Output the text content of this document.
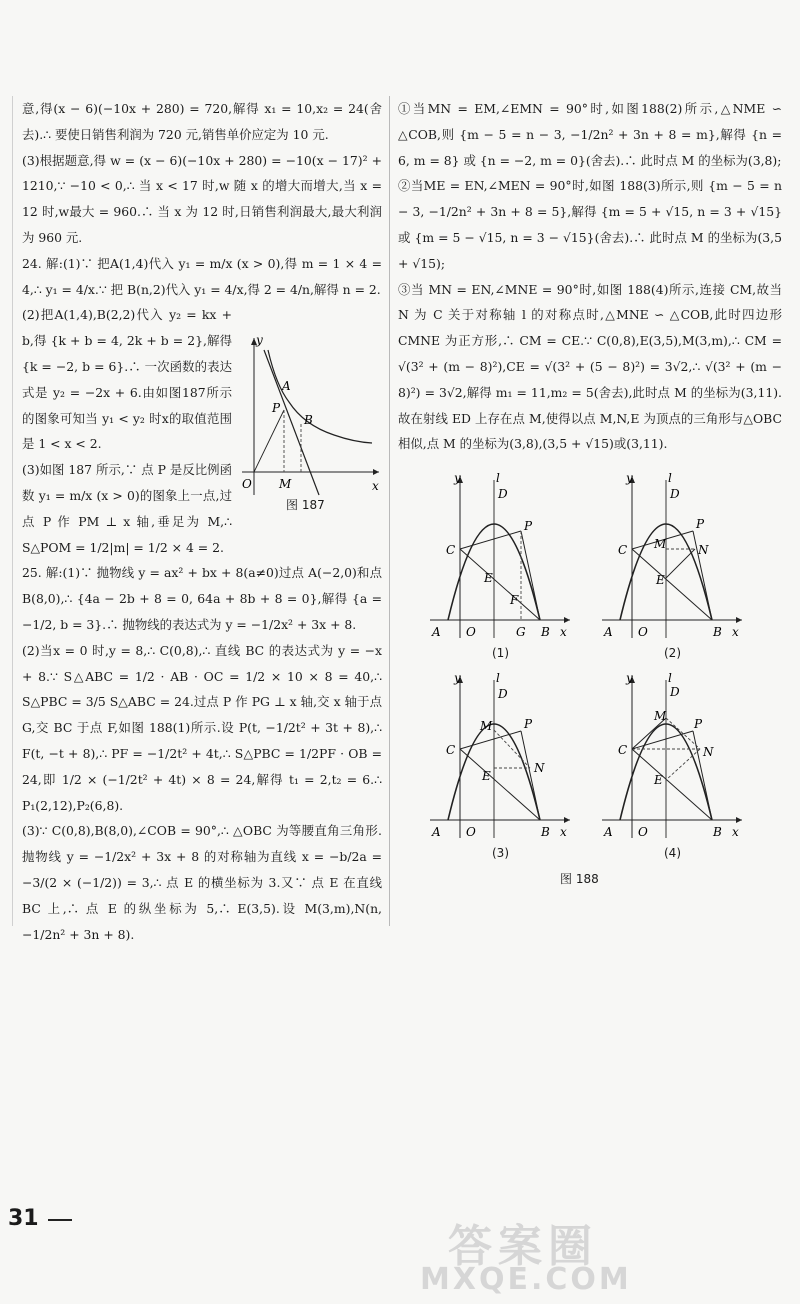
意,得(x − 6)(−10x + 280) = 720,解得 x₁ = 10,x₂ = 24(舍去).∴ 要使日销售利润为 720 元,销售单价应定为 10 元.

(3)根据题意,得 w = (x − 6)(−10x + 280) = −10(x − 17)² + 1210,∵ −10 < 0,∴ 当 x < 17 时,w 随 x 的增大而增大,当 x = 12 时,w最大 = 960.∴ 当 x 为 12 时,日销售利润最大,最大利润为 960 元.

24. 解:(1)∵ 把A(1,4)代入 y₁ = m/x (x > 0),得 m = 1 × 4 = 4,∴ y₁ = 4/x.∵ 把 B(n,2)代入 y₁ = 4/x,得 2 = 4/n,解得 n = 2.

(2)把A(1,4),B(2,2)代入 y₂ = kx + b,得 {k + b = 4, 2k + b = 2},解得 {k = −2, b = 6}.∴ 一次函数的表达式是 y₂ = −2x + 6.由如图187所示的图象可知当 y₁ < y₂ 时x的取值范围是 1 < x < 2.

(3)如图 187 所示,∵ 点 P 是反比例函数 y₁ = m/x (x > 0)的图象上一点,过点 P 作 PM ⊥ x 轴,垂足为 M,∴ S△POM = 1/2|m| = 1/2 × 4 = 2.

25. 解:(1)∵ 抛物线 y = ax² + bx + 8(a≠0)过点 A(−2,0)和点 B(8,0),∴ {4a − 2b + 8 = 0, 64a + 8b + 8 = 0},解得 {a = −1/2, b = 3}.∴ 抛物线的表达式为 y = −1/2x² + 3x + 8.

(2)当x = 0 时,y = 8,∴ C(0,8),∴ 直线 BC 的表达式为 y = −x + 8.∵ S△ABC = 1/2 · AB · OC = 1/2 × 10 × 8 = 40,∴ S△PBC = 3/5 S△ABC = 24.过点 P 作 PG ⊥ x 轴,交 x 轴于点 G,交 BC 于点 F,如图 188(1)所示.设 P(t, −1/2t² + 3t + 8),∴ F(t, −t + 8),∴ PF = −1/2t² + 4t,∴ S△PBC = 1/2PF · OB = 24,即 1/2 × (−1/2t² + 4t) × 8 = 24,解得 t₁ = 2,t₂ = 6.∴ P₁(2,12),P₂(6,8).

(3)∵ C(0,8),B(8,0),∠COB = 90°,∴ △OBC 为等腰直角三角形.抛物线 y = −1/2x² + 3x + 8 的对称轴为直线 x = −b/2a = −3/(2 × (−1/2)) = 3,∴ 点 E 的横坐标为 3.又∵ 点 E 在直线 BC 上,∴ 点 E 的纵坐标为 5,∴ E(3,5).设 M(3,m),N(n, −1/2n² + 3n + 8).

①当MN = EM,∠EMN = 90°时,如图188(2)所示,△NME ∽ △COB,则 {m − 5 = n − 3, −1/2n² + 3n + 8 = m},解得 {n = 6, m = 8} 或 {n = −2, m = 0}(舍去).∴ 此时点 M 的坐标为(3,8);

②当ME = EN,∠MEN = 90°时,如图 188(3)所示,则 {m − 5 = n − 3, −1/2n² + 3n + 8 = 5},解得 {m = 5 + √15, n = 3 + √15} 或 {m = 5 − √15, n = 3 − √15}(舍去).∴ 此时点 M 的坐标为(3,5 + √15);

③当 MN = EN,∠MNE = 90°时,如图 188(4)所示,连接 CM,故当 N 为 C 关于对称轴 l 的对称点时,△MNE ∽ △COB,此时四边形 CMNE 为正方形,∴ CM = CE.∵ C(0,8),E(3,5),M(3,m),∴ CM = √(3² + (m − 8)²),CE = √(3² + (5 − 8)²) = 3√2,∴ √(3² + (m − 8)²) = 3√2,解得 m₁ = 11,m₂ = 5(舍去),此时点 M 的坐标为(3,11).故在射线 ED 上存在点 M,使得以点 M,N,E 为顶点的三角形与△OBC 相似,点 M 的坐标为(3,8),(3,5 + √15)或(3,11).

y
x
O
A
P
B
M
图 187
y	l
x
A O	B
C
D
P
E
F
G
y	l
x
A O	B
C
D
P
M	N
E
y	l
x
A O	B
C
D
P
M
N
E
y	l
x
A O	B
C
D
P
M
N
E
(1)	(2)
(3)	(4)
图 188
31
答案圈
MXQE.COM
